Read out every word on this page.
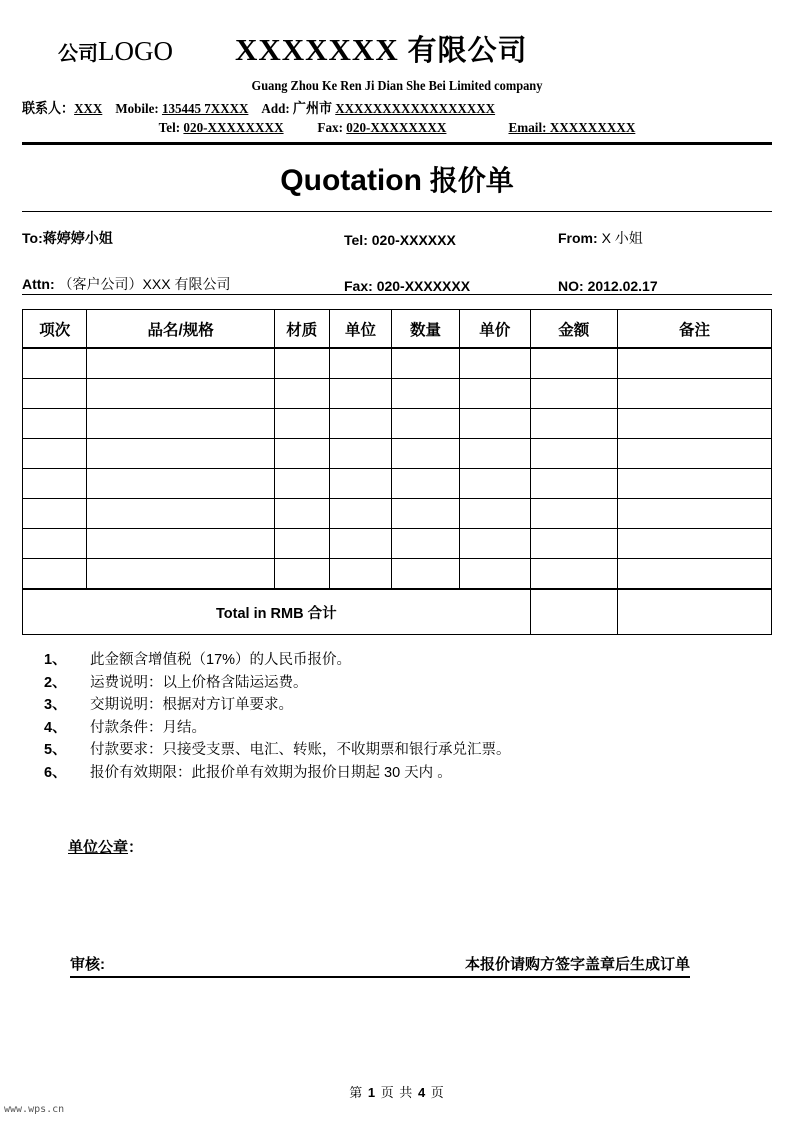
公司LOGO XXXXXXX 有限公司
Guang Zhou Ke Ren Ji Dian She Bei Limited company
联系人：XXX Mobile: 135445 7XXXX Add: 广州市 XXXXXXXXXXXXXXXXX
Tel: 020-XXXXXXXX Fax: 020-XXXXXXXX	Email: XXXXXXXXX
Quotation 报价单
To:蒋婷婷小姐	Tel: 020-XXXXXX	From: X 小姐
Attn: （客户公司）XXX 有限公司	Fax: 020-XXXXXXX	NO: 2012.02.17
项次	品名/规格	材质	单位	数量	单价	金额	备注

Total in RMB 合计							
1、	此金额含增值税（17%）的人民币报价。
2、	运费说明：以上价格含陆运运费。
3、	交期说明：根据对方订单要求。
4、	付款条件：月结。
5、	付款要求：只接受支票、电汇、转账，不收期票和银行承兑汇票。
6、	报价有效期限：此报价单有效期为报价日期起 30 天内 。
单位公章：
审核:	本报价请购方签字盖章后生成订单
第 1 页 共 4 页
www.wps.cn
